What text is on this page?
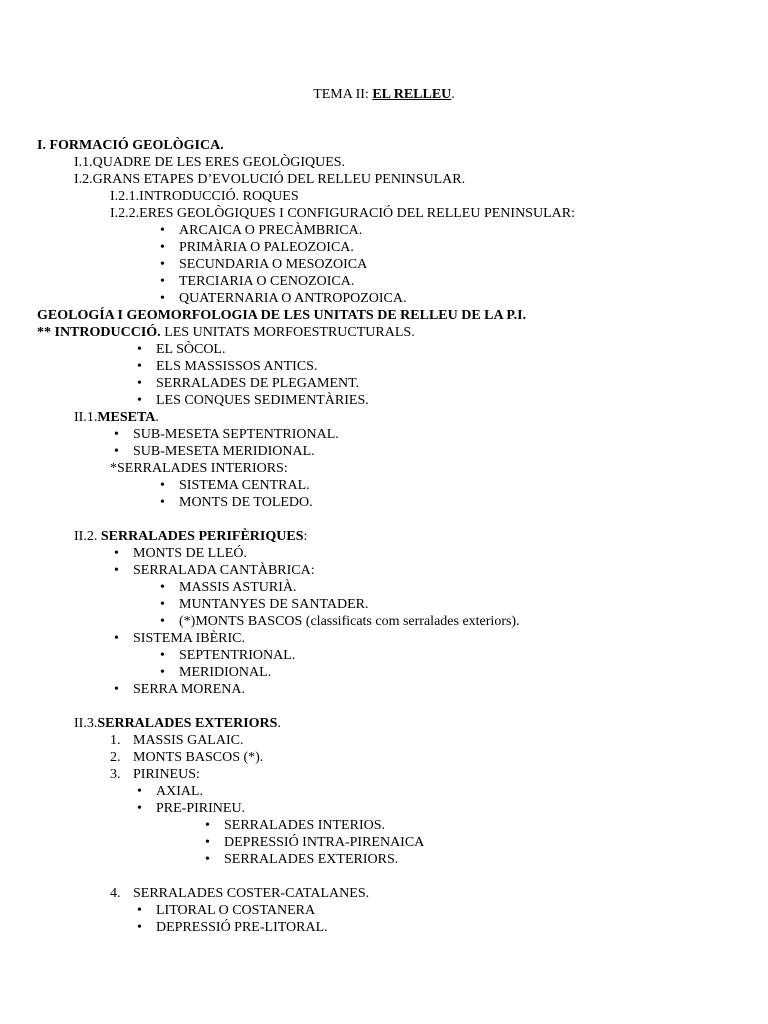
TEMA II: EL RELLEU.
I. FORMACIÓ GEOLÒGICA.
I.1.QUADRE DE LES ERES GEOLÒGIQUES.
I.2.GRANS ETAPES D’EVOLUCIÓ DEL RELLEU PENINSULAR.
I.2.1.INTRODUCCIÓ. ROQUES
I.2.2.ERES GEOLÒGIQUES I CONFIGURACIÓ DEL RELLEU PENINSULAR:
• ARCAICA O PRECÀMBRICA.
• PRIMÀRIA O PALEOZOICA.
• SECUNDARIA O MESOZOICA
• TERCIARIA O CENOZOICA.
• QUATERNARIA O ANTROPOZOICA.
GEOLOGÍA I GEOMORFOLOGIA DE LES UNITATS DE RELLEU DE LA P.I.
** INTRODUCCIÓ. LES UNITATS MORFOESTRUCTURALS.
• EL SÒCOL.
• ELS MASSISSOS ANTICS.
• SERRALADES DE PLEGAMENT.
• LES CONQUES SEDIMENTÀRIES.
II.1.MESETA.
• SUB-MESETA SEPTENTRIONAL.
• SUB-MESETA MERIDIONAL.
*SERRALADES INTERIORS:
• SISTEMA CENTRAL.
• MONTS DE TOLEDO.
II.2. SERRALADES PERIFÈRIQUES:
• MONTS DE LLEÓ.
• SERRALADA CANTÀBRICA:
• MASSIS ASTURIÀ.
• MUNTANYES DE SANTADER.
• (*)MONTS BASCOS (classificats com serralades exteriors).
• SISTEMA IBÈRIC.
• SEPTENTRIONAL.
• MERIDIONAL.
• SERRA MORENA.
II.3.SERRALADES EXTERIORS.
1. MASSIS GALAIC.
2. MONTS BASCOS (*).
3. PIRINEUS:
• AXIAL.
• PRE-PIRINEU.
• SERRALADES INTERIOS.
• DEPRESSIÓ INTRA-PIRENAICA
• SERRALADES EXTERIORS.
4. SERRALADES COSTER-CATALANES.
• LITORAL O COSTANERA
• DEPRESSIÓ PRE-LITORAL.
